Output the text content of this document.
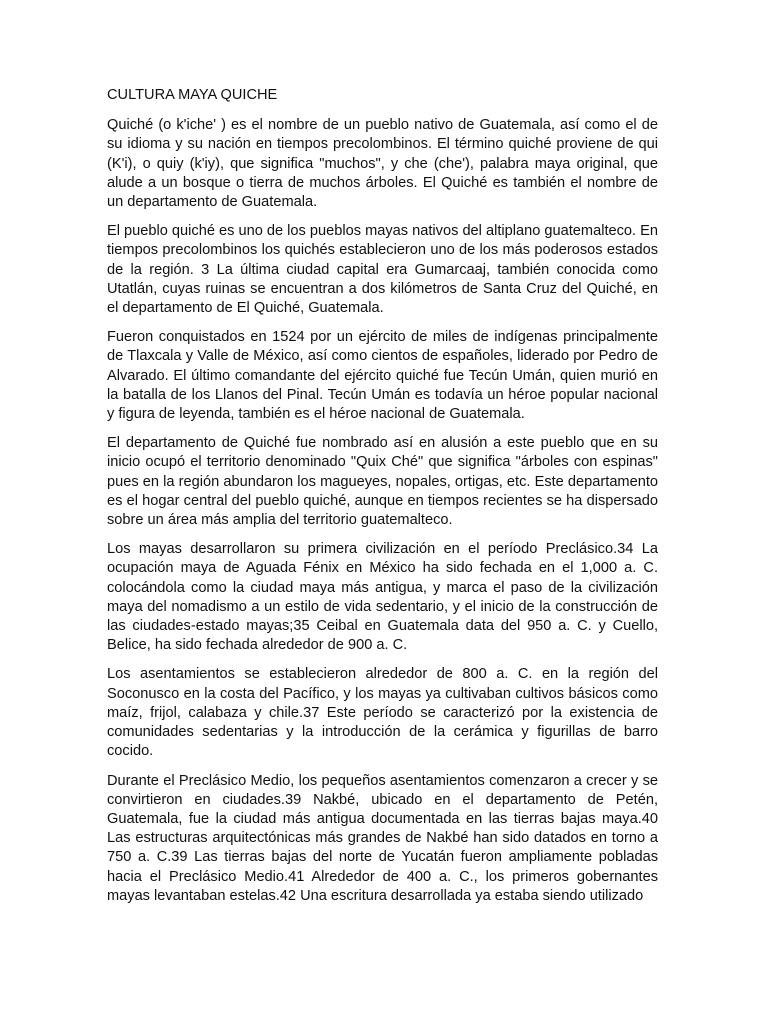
CULTURA MAYA QUICHE

Quiché (o k'iche' ) es el nombre de un pueblo nativo de Guatemala, así como el de su idioma y su nación en tiempos precolombinos. El término quiché proviene de qui (K'i), o quiy (k'iy), que significa "muchos", y che (che'), palabra maya original, que alude a un bosque o tierra de muchos árboles. El Quiché es también el nombre de un departamento de Guatemala.

El pueblo quiché es uno de los pueblos mayas nativos del altiplano guatemalteco. En tiempos precolombinos los quichés establecieron uno de los más poderosos estados de la región. 3 La última ciudad capital era Gumarcaaj, también conocida como Utatlán, cuyas ruinas se encuentran a dos kilómetros de Santa Cruz del Quiché, en el departamento de El Quiché, Guatemala.

Fueron conquistados en 1524 por un ejército de miles de indígenas principalmente de Tlaxcala y Valle de México, así como cientos de españoles, liderado por Pedro de Alvarado. El último comandante del ejército quiché fue Tecún Umán, quien murió en la batalla de los Llanos del Pinal. Tecún Umán es todavía un héroe popular nacional y figura de leyenda, también es el héroe nacional de Guatemala.

El departamento de Quiché fue nombrado así en alusión a este pueblo que en su inicio ocupó el territorio denominado "Quix Ché" que significa "árboles con espinas" pues en la región abundaron los magueyes, nopales, ortigas, etc. Este departamento es el hogar central del pueblo quiché, aunque en tiempos recientes se ha dispersado sobre un área más amplia del territorio guatemalteco.

Los mayas desarrollaron su primera civilización en el período Preclásico.34 La ocupación maya de Aguada Fénix en México ha sido fechada en el 1,000 a. C. colocándola como la ciudad maya más antigua, y marca el paso de la civilización maya del nomadismo a un estilo de vida sedentario, y el inicio de la construcción de las ciudades-estado mayas;35 Ceibal en Guatemala data del 950 a. C. y Cuello, Belice, ha sido fechada alrededor de 900 a. C.

Los asentamientos se establecieron alrededor de 800 a. C. en la región del Soconusco en la costa del Pacífico, y los mayas ya cultivaban cultivos básicos como maíz, frijol, calabaza y chile.37 Este período se caracterizó por la existencia de comunidades sedentarias y la introducción de la cerámica y figurillas de barro cocido.

Durante el Preclásico Medio, los pequeños asentamientos comenzaron a crecer y se convirtieron en ciudades.39 Nakbé, ubicado en el departamento de Petén, Guatemala, fue la ciudad más antigua documentada en las tierras bajas maya.40 Las estructuras arquitectónicas más grandes de Nakbé han sido datados en torno a 750 a. C.39 Las tierras bajas del norte de Yucatán fueron ampliamente pobladas hacia el Preclásico Medio.41 Alrededor de 400 a. C., los primeros gobernantes mayas levantaban estelas.42 Una escritura desarrollada ya estaba siendo utilizado
